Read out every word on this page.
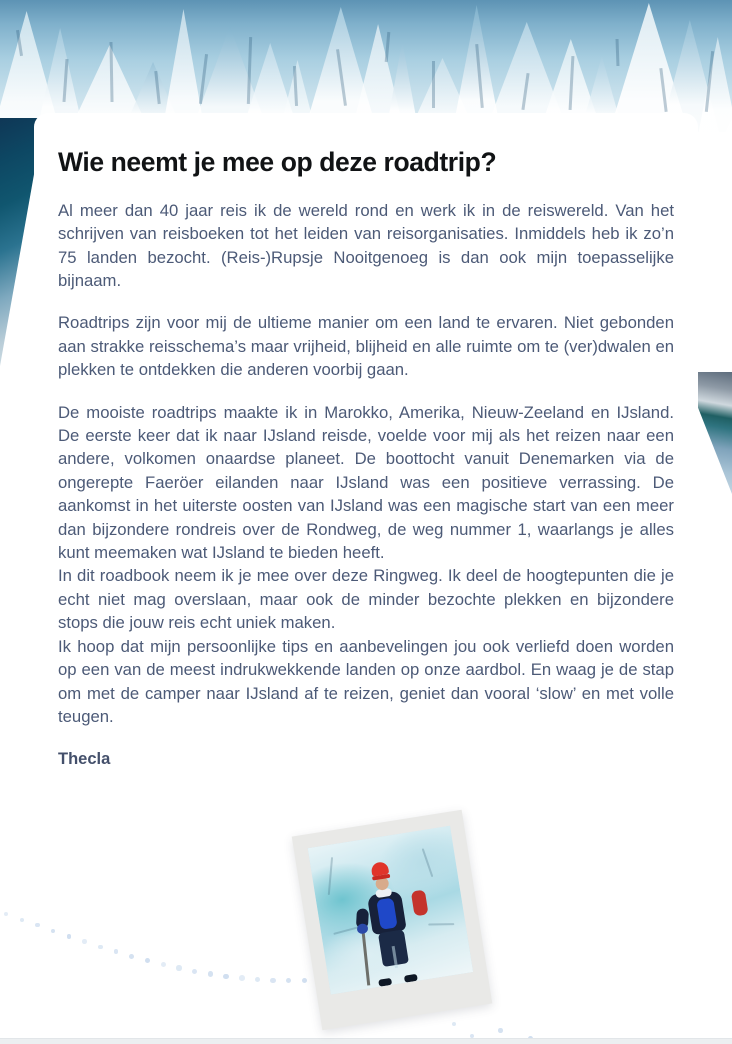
Wie neemt je mee op deze roadtrip?

Al meer dan 40 jaar reis ik de wereld rond en werk ik in de reiswereld. Van het schrijven van reisboeken tot het leiden van reisorganisaties. Inmiddels heb ik zo’n 75 landen bezocht. (Reis-)Rupsje Nooitgenoeg is dan ook mijn toepasselijke bijnaam.

Roadtrips zijn voor mij de ultieme manier om een land te ervaren. Niet gebonden aan strakke reisschema’s maar vrijheid, blijheid en alle ruimte om te (ver)dwalen en plekken te ontdekken die anderen voorbij gaan.

De mooiste roadtrips maakte ik in Marokko, Amerika, Nieuw-Zeeland en IJsland. De eerste keer dat ik naar IJsland reisde, voelde voor mij als het reizen naar een andere, volkomen onaardse planeet. De boottocht vanuit Denemarken via de ongerepte Faeröer eilanden naar IJsland was een positieve verrassing. De aankomst in het uiterste oosten van IJsland was een magische start van een meer dan bijzondere rondreis over de Rondweg, de weg nummer 1, waarlangs je alles kunt meemaken wat IJsland te bieden heeft.

In dit roadbook neem ik je mee over deze Ringweg. Ik deel de hoogtepunten die je echt niet mag overslaan, maar ook de minder bezochte plekken en bijzondere stops die jouw reis echt uniek maken.

Ik hoop dat mijn persoonlijke tips en aanbevelingen jou ook verliefd doen worden op een van de meest indrukwekkende landen op onze aardbol. En waag je de stap om met de camper naar IJsland af te reizen, geniet dan vooral ‘slow’ en met volle teugen.

Thecla
